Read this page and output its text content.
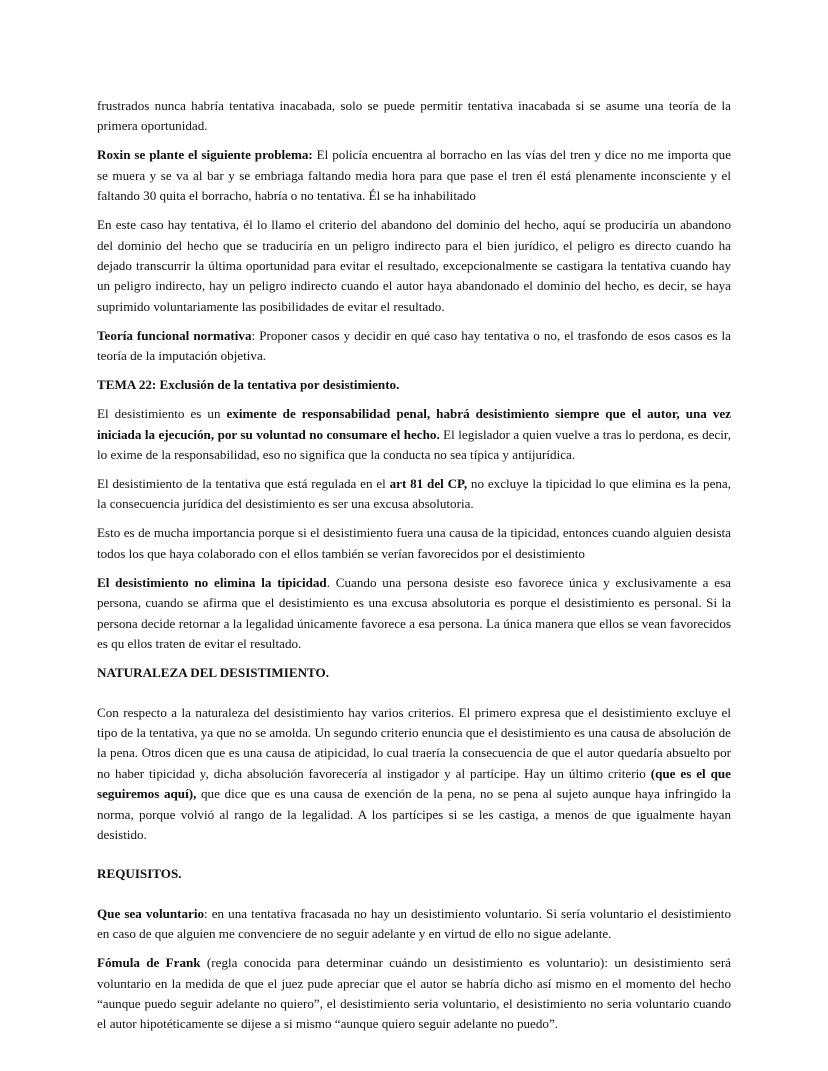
frustrados nunca habría tentativa inacabada, solo se puede permitir tentativa inacabada si se asume una teoría de la primera oportunidad.

Roxin se plante el siguiente problema: El policía encuentra al borracho en las vías del tren y dice no me importa que se muera y se va al bar y se embriaga faltando media hora para que pase el tren él está plenamente inconsciente y el faltando 30 quita el borracho, habría o no tentativa. Él se ha inhabilitado

En este caso hay tentativa, él lo llamo el criterio del abandono del dominio del hecho, aquí se produciría un abandono del dominio del hecho que se traduciría en un peligro indirecto para el bien jurídico, el peligro es directo cuando ha dejado transcurrir la última oportunidad para evitar el resultado, excepcionalmente se castigara la tentativa cuando hay un peligro indirecto, hay un peligro indirecto cuando el autor haya abandonado el dominio del hecho, es decir, se haya suprimido voluntariamente las posibilidades de evitar el resultado.

Teoría funcional normativa: Proponer casos y decidir en qué caso hay tentativa o no, el trasfondo de esos casos es la teoría de la imputación objetiva.

TEMA 22: Exclusión de la tentativa por desistimiento.

El desistimiento es un eximente de responsabilidad penal, habrá desistimiento siempre que el autor, una vez iniciada la ejecución, por su voluntad no consumare el hecho. El legislador a quien vuelve a tras lo perdona, es decir, lo exime de la responsabilidad, eso no significa que la conducta no sea típica y antijurídica.

El desistimiento de la tentativa que está regulada en el art 81 del CP, no excluye la tipicidad lo que elimina es la pena, la consecuencia jurídica del desistimiento es ser una excusa absolutoria.

Esto es de mucha importancia porque si el desistimiento fuera una causa de la tipicidad, entonces cuando alguien desista todos los que haya colaborado con el ellos también se verían favorecidos por el desistimiento

El desistimiento no elimina la tipicidad. Cuando una persona desiste eso favorece única y exclusivamente a esa persona, cuando se afirma que el desistimiento es una excusa absolutoria es porque el desistimiento es personal. Si la persona decide retornar a la legalidad únicamente favorece a esa persona. La única manera que ellos se vean favorecidos es qu ellos traten de evitar el resultado.

NATURALEZA DEL DESISTIMIENTO.

Con respecto a la naturaleza del desistimiento hay varios criterios. El primero expresa que el desistimiento excluye el tipo de la tentativa, ya que no se amolda. Un segundo criterio enuncia que el desistimiento es una causa de absolución de la pena. Otros dicen que es una causa de atipicidad, lo cual traería la consecuencia de que el autor quedaría absuelto por no haber tipicidad y, dicha absolución favorecería al instigador y al partícipe. Hay un último criterio (que es el que seguiremos aquí), que dice que es una causa de exención de la pena, no se pena al sujeto aunque haya infringido la norma, porque volvió al rango de la legalidad. A los partícipes si se les castiga, a menos de que igualmente hayan desistido.

REQUISITOS.

Que sea voluntario: en una tentativa fracasada no hay un desistimiento voluntario. Si sería voluntario el desistimiento en caso de que alguien me convenciere de no seguir adelante y en virtud de ello no sigue adelante.

Fómula de Frank (regla conocida para determinar cuándo un desistimiento es voluntario): un desistimiento será voluntario en la medida de que el juez pude apreciar que el autor se habría dicho así mismo en el momento del hecho “aunque puedo seguir adelante no quiero”, el desistimiento seria voluntario, el desistimiento no seria voluntario cuando el autor hipotéticamente se dijese a si mismo “aunque quiero seguir adelante no puedo”.
